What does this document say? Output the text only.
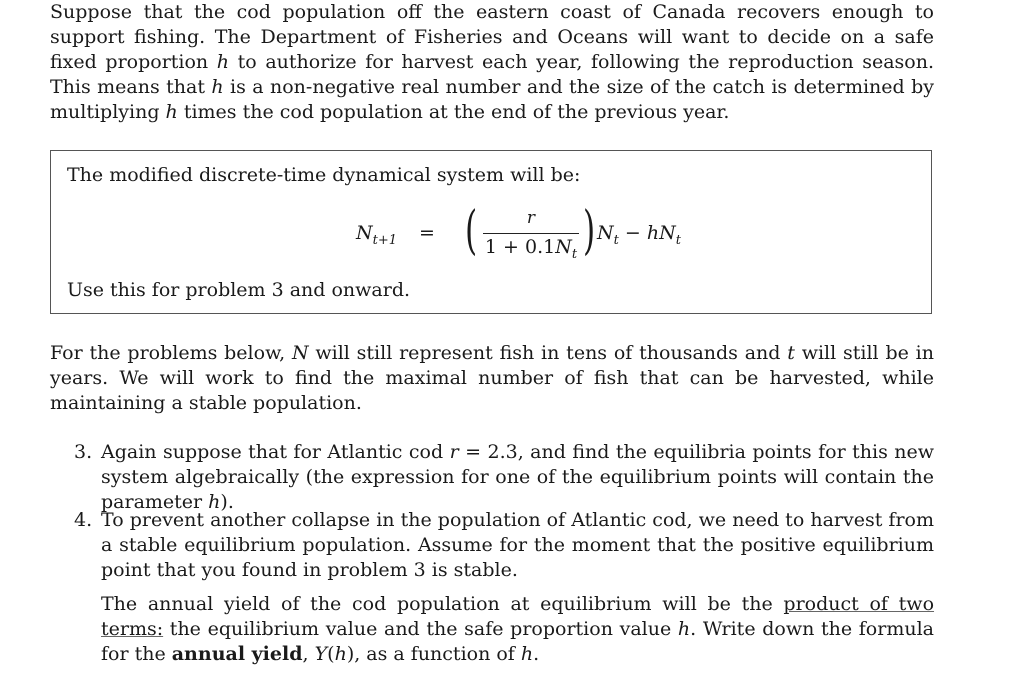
Suppose that the cod population off the eastern coast of Canada recovers enough to support fishing. The Department of Fisheries and Oceans will want to decide on a safe fixed proportion h to authorize for harvest each year, following the reproduction season. This means that h is a non-negative real number and the size of the catch is determined by multiplying h times the cod population at the end of the previous year.

The modified discrete-time dynamical system will be:

$N_{t+1}$ = (	r
$1 + 0.1N_t$ ) $N_t - hN_t$

Use this for problem 3 and onward.

For the problems below, N will still represent fish in tens of thousands and t will still be in years. We will work to find the maximal number of fish that can be harvested, while maintaining a stable population.

3. Again suppose that for Atlantic cod r = 2.3, and find the equilibria points for this new system algebraically (the expression for one of the equilibrium points will contain the parameter h).

4. To prevent another collapse in the population of Atlantic cod, we need to harvest from a stable equilibrium population. Assume for the moment that the positive equilibrium point that you found in problem 3 is stable.

The annual yield of the cod population at equilibrium will be the product of two terms: the equilibrium value and the safe proportion value h. Write down the formula for the annual yield, Y(h), as a function of h.
